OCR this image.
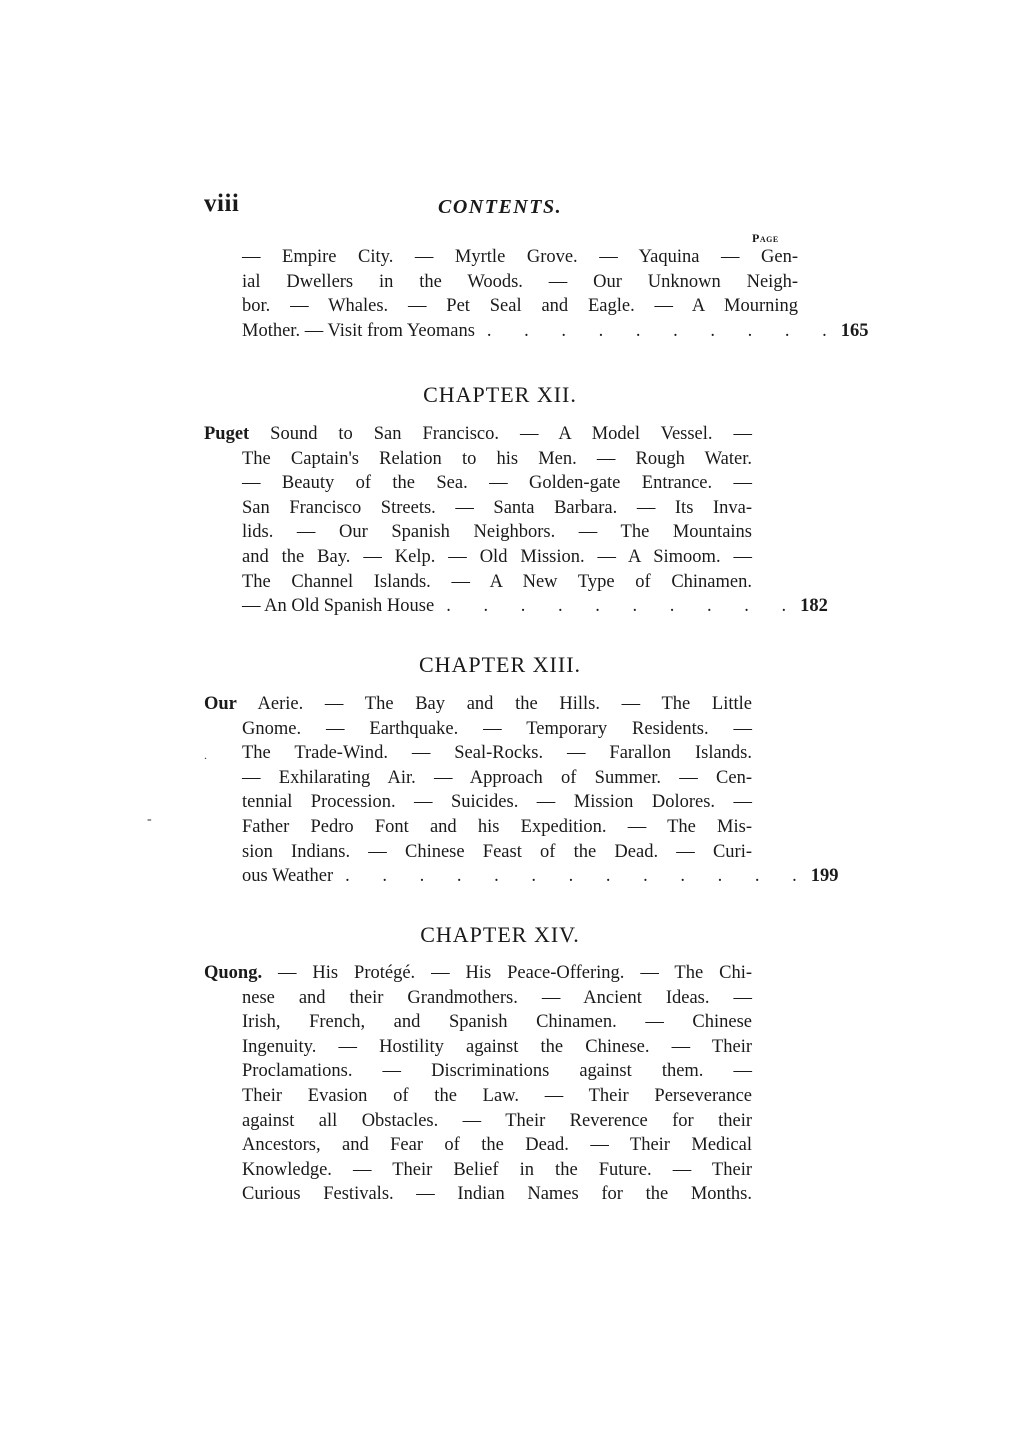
viii	CONTENTS.
Page
— Empire City. — Myrtle Grove. — Yaquina — Gen-
ial Dwellers in the Woods. — Our Unknown Neigh-
bor. — Whales. — Pet Seal and Eagle. — A Mourning
Mother. — Visit from Yeomans . . . . . . . . . . 165
CHAPTER XII.
Puget Sound to San Francisco. — A Model Vessel. —
The Captain's Relation to his Men. — Rough Water.
— Beauty of the Sea. — Golden-gate Entrance. —
San Francisco Streets. — Santa Barbara. — Its Inva-
lids. — Our Spanish Neighbors. — The Mountains
and the Bay. — Kelp. — Old Mission. — A Simoom. —
The Channel Islands. — A New Type of Chinamen.
— An Old Spanish House . . . . . . . . . . 182
CHAPTER XIII.
Our Aerie. — The Bay and the Hills. — The Little
Gnome. — Earthquake. — Temporary Residents. —
The Trade-Wind. — Seal-Rocks. — Farallon Islands.
— Exhilarating Air. — Approach of Summer. — Cen-
tennial Procession. — Suicides. — Mission Dolores. —
Father Pedro Font and his Expedition. — The Mis-
sion Indians. — Chinese Feast of the Dead. — Curi-
ous Weather . . . . . . . . . . . . . 199
.
-
CHAPTER XIV.
Quong. — His Protégé. — His Peace-Offering. — The Chi-
nese and their Grandmothers. — Ancient Ideas. —
Irish, French, and Spanish Chinamen. — Chinese
Ingenuity. — Hostility against the Chinese. — Their
Proclamations. — Discriminations against them. —
Their Evasion of the Law. — Their Perseverance
against all Obstacles. — Their Reverence for their
Ancestors, and Fear of the Dead. — Their Medical
Knowledge. — Their Belief in the Future. — Their
Curious Festivals. — Indian Names for the Months.
